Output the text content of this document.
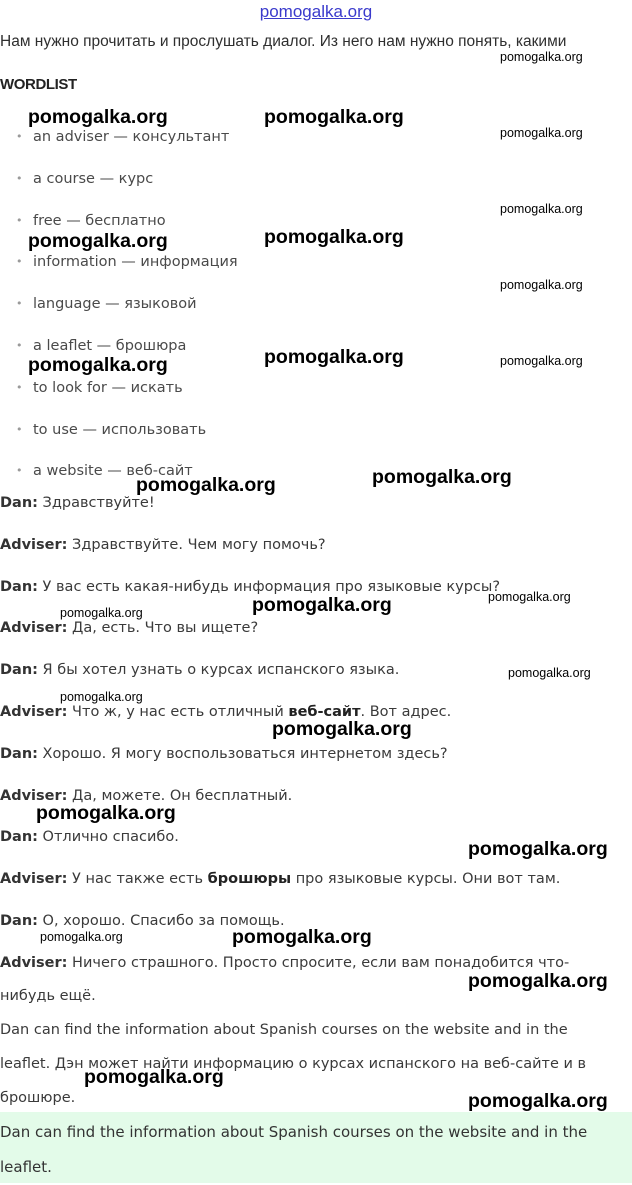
pomogalka.org
Нам нужно прочитать и прослушать диалог. Из него нам нужно понять, какими
WORDLIST
• an adviser — консультант
• a course — курс
• free — бесплатно
• information — информация
• language — языковой
• a leaflet — брошюра
• to look for — искать
• to use — использовать
• a website — веб-сайт
Dan: Здравствуйте!
Adviser: Здравствуйте. Чем могу помочь?
Dan: У вас есть какая-нибудь информация про языковые курсы?
Adviser: Да, есть. Что вы ищете?
Dan: Я бы хотел узнать о курсах испанского языка.
Adviser: Что ж, у нас есть отличный веб-сайт. Вот адрес.
Dan: Хорошо. Я могу воспользоваться интернетом здесь?
Adviser: Да, можете. Он бесплатный.
Dan: Отлично спасибо.
Adviser: У нас также есть брошюры про языковые курсы. Они вот там.
Dan: О, хорошо. Спасибо за помощь.
Adviser: Ничего страшного. Просто спросите, если вам понадобится что-нибудь ещё.
Dan can find the information about Spanish courses on the website and in the leaflet. Дэн может найти информацию о курсах испанского на веб-сайте и в брошюре.
Dan can find the information about Spanish courses on the website and in the leaflet.
pomogalka.org	pomogalka.org
pomogalka.org
pomogalka.org
pomogalka.org
pomogalka.org	pomogalka.org
pomogalka.org
pomogalka.org	pomogalka.org
pomogalka.org
pomogalka.org
pomogalka.org
pomogalka.org	pomogalka.org
pomogalka.org
pomogalka.org
pomogalka.org
pomogalka.org
pomogalka.org
pomogalka.org
pomogalka.org	pomogalka.org
pomogalka.org
pomogalka.org
pomogalka.org
